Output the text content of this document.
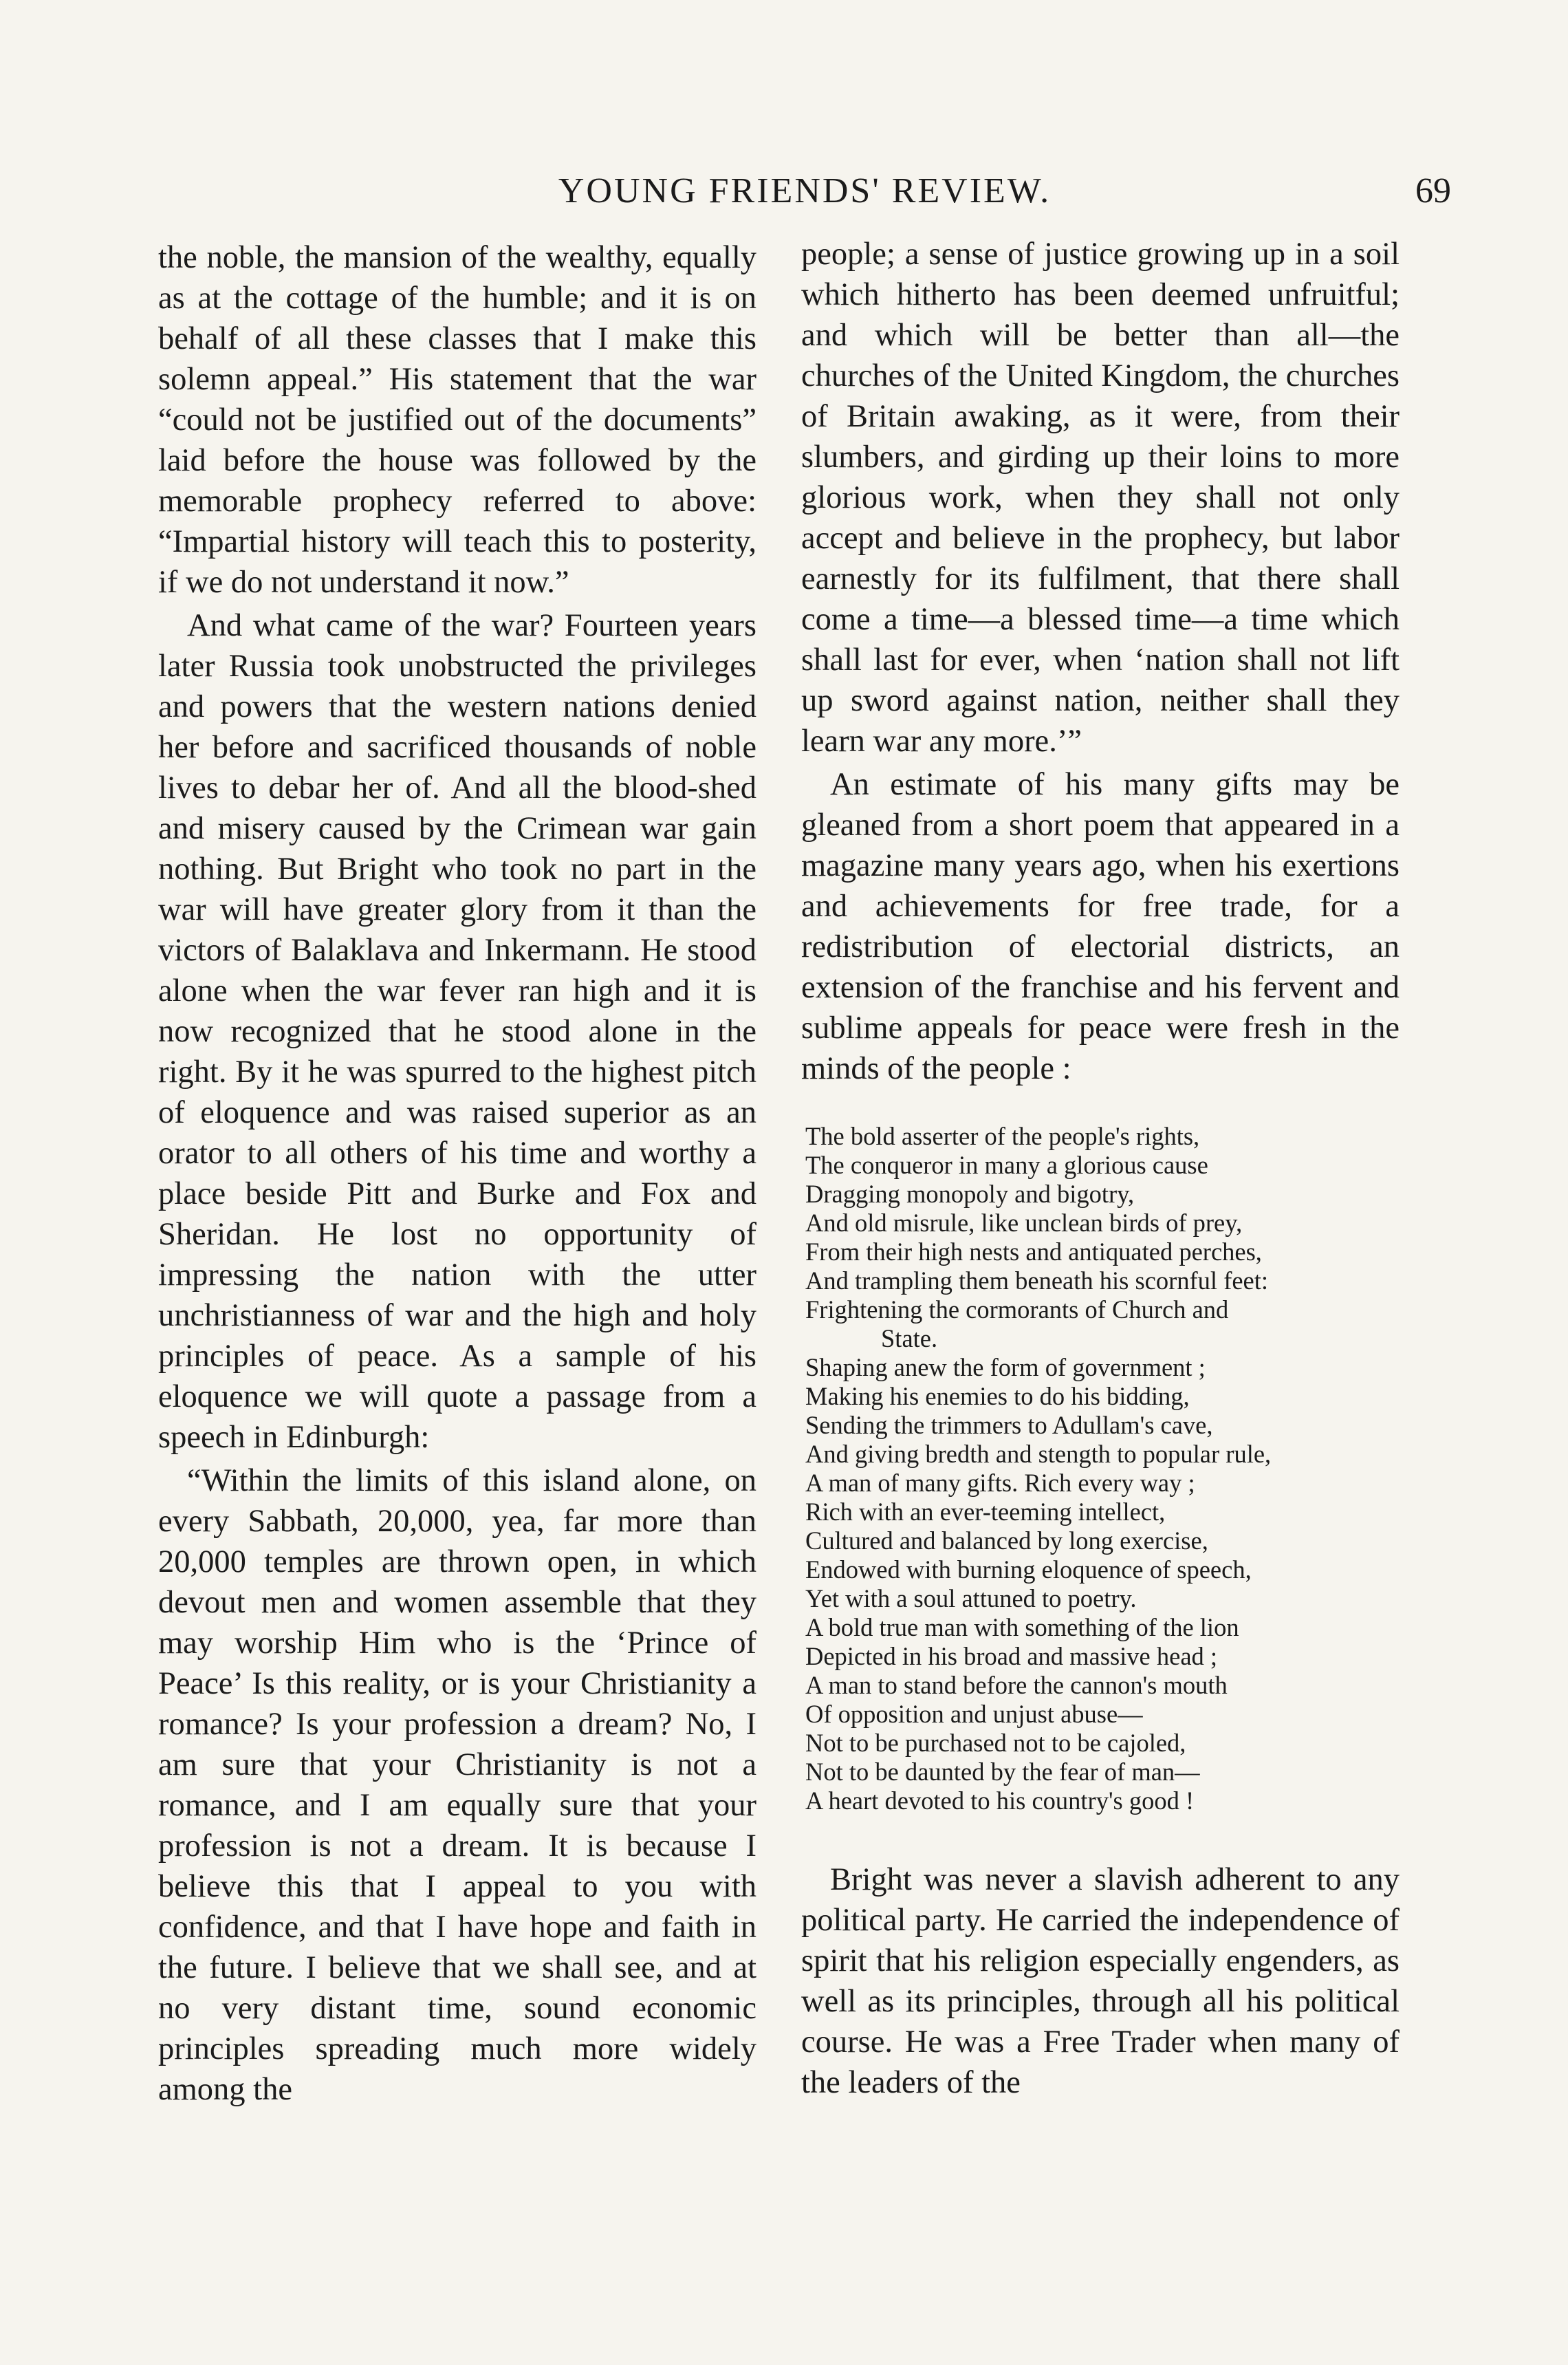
YOUNG FRIENDS' REVIEW.	69

the noble, the mansion of the wealthy, equally as at the cottage of the humble; and it is on behalf of all these classes that I make this solemn appeal.” His statement that the war “could not be justified out of the documents” laid before the house was followed by the memorable prophecy referred to above: “Impartial history will teach this to posterity, if we do not understand it now.”

And what came of the war? Fourteen years later Russia took unobstructed the privileges and powers that the western nations denied her before and sacrificed thousands of noble lives to debar her of. And all the blood-shed and misery caused by the Crimean war gain nothing. But Bright who took no part in the war will have greater glory from it than the victors of Balaklava and Inkermann. He stood alone when the war fever ran high and it is now recognized that he stood alone in the right. By it he was spurred to the highest pitch of eloquence and was raised superior as an orator to all others of his time and worthy a place beside Pitt and Burke and Fox and Sheridan. He lost no opportunity of impressing the nation with the utter unchristianness of war and the high and holy principles of peace. As a sample of his eloquence we will quote a passage from a speech in Edinburgh:

“Within the limits of this island alone, on every Sabbath, 20,000, yea, far more than 20,000 temples are thrown open, in which devout men and women assemble that they may worship Him who is the ‘Prince of Peace’ Is this reality, or is your Christianity a romance? Is your profession a dream? No, I am sure that your Christianity is not a romance, and I am equally sure that your profession is not a dream. It is because I believe this that I appeal to you with confidence, and that I have hope and faith in the future. I believe that we shall see, and at no very distant time, sound economic principles spreading much more widely among the

people; a sense of justice growing up in a soil which hitherto has been deemed unfruitful; and which will be better than all—the churches of the United Kingdom, the churches of Britain awaking, as it were, from their slumbers, and girding up their loins to more glorious work, when they shall not only accept and believe in the prophecy, but labor earnestly for its fulfilment, that there shall come a time—a blessed time—a time which shall last for ever, when ‘nation shall not lift up sword against nation, neither shall they learn war any more.’”

An estimate of his many gifts may be gleaned from a short poem that appeared in a magazine many years ago, when his exertions and achievements for free trade, for a redistribution of electorial districts, an extension of the franchise and his fervent and sublime appeals for peace were fresh in the minds of the people :

The bold asserter of the people's rights,
The conqueror in many a glorious cause
Dragging monopoly and bigotry,
And old misrule, like unclean birds of prey,
From their high nests and antiquated perches,
And trampling them beneath his scornful feet:
Frightening the cormorants of Church and
State.
Shaping anew the form of government ;
Making his enemies to do his bidding,
Sending the trimmers to Adullam's cave,
And giving bredth and stength to popular rule,
A man of many gifts. Rich every way ;
Rich with an ever-teeming intellect,
Cultured and balanced by long exercise,
Endowed with burning eloquence of speech,
Yet with a soul attuned to poetry.
A bold true man with something of the lion
Depicted in his broad and massive head ;
A man to stand before the cannon's mouth
Of opposition and unjust abuse—
Not to be purchased not to be cajoled,
Not to be daunted by the fear of man—
A heart devoted to his country's good !

Bright was never a slavish adherent to any political party. He carried the independence of spirit that his religion especially engenders, as well as its principles, through all his political course. He was a Free Trader when many of the leaders of the
